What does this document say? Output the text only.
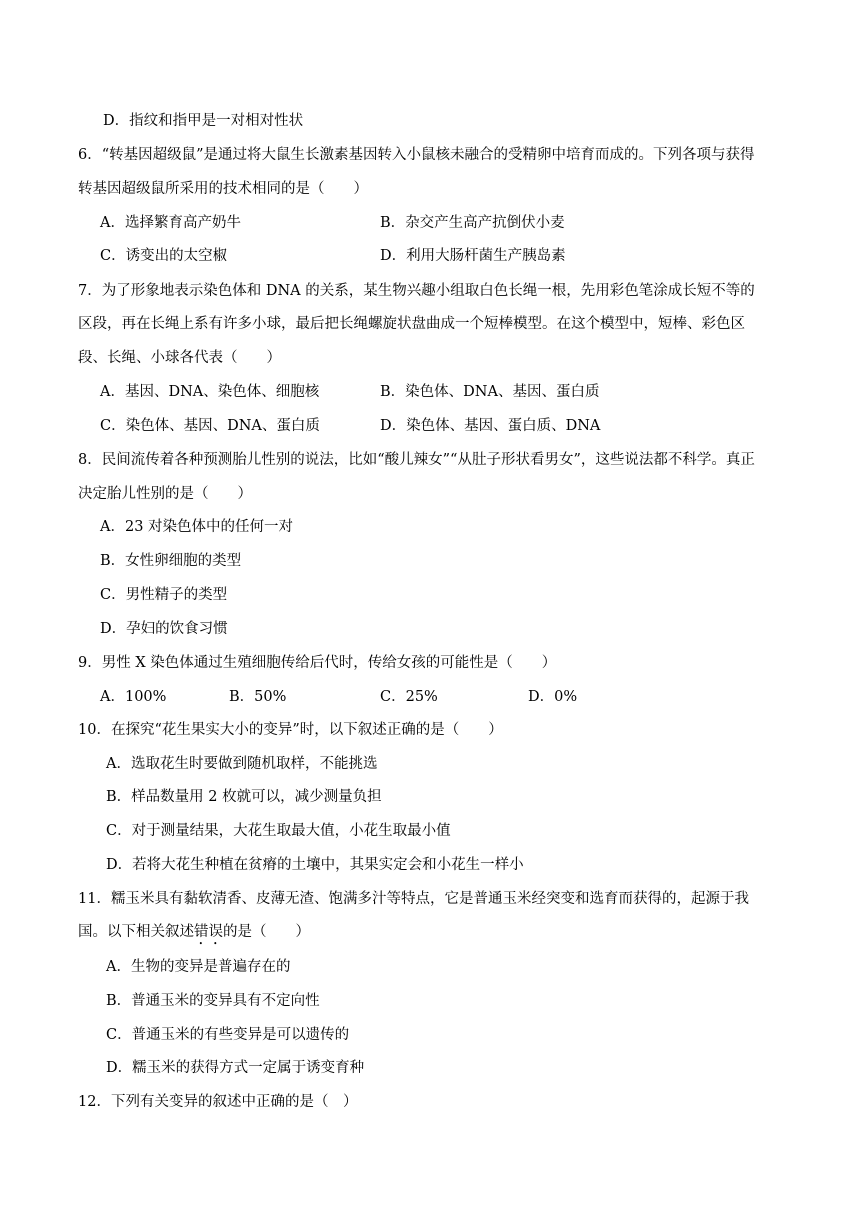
D．指纹和指甲是一对相对性状
6．“转基因超级鼠”是通过将大鼠生长激素基因转入小鼠核未融合的受精卵中培育而成的。下列各项与获得
转基因超级鼠所采用的技术相同的是（　　）
A．选择繁育高产奶牛	B．杂交产生高产抗倒伏小麦
C．诱变出的太空椒	D．利用大肠杆菌生产胰岛素
7．为了形象地表示染色体和 DNA 的关系，某生物兴趣小组取白色长绳一根，先用彩色笔涂成长短不等的
区段，再在长绳上系有许多小球，最后把长绳螺旋状盘曲成一个短棒模型。在这个模型中，短棒、彩色区
段、长绳、小球各代表（　　）
A．基因、DNA、染色体、细胞核	B．染色体、DNA、基因、蛋白质
C．染色体、基因、DNA、蛋白质	D．染色体、基因、蛋白质、DNA
8．民间流传着各种预测胎儿性别的说法，比如“酸儿辣女”“从肚子形状看男女”，这些说法都不科学。真正
决定胎儿性别的是（　　）
A．23 对染色体中的任何一对
B．女性卵细胞的类型
C．男性精子的类型
D．孕妇的饮食习惯
9．男性 X 染色体通过生殖细胞传给后代时，传给女孩的可能性是（　　）
A．100%	B．50%	C．25%	D．0%
10．在探究“花生果实大小的变异”时，以下叙述正确的是（　　）
A．选取花生时要做到随机取样，不能挑选
B．样品数量用 2 枚就可以，减少测量负担
C．对于测量结果，大花生取最大值，小花生取最小值
D．若将大花生种植在贫瘠的土壤中，其果实定会和小花生一样小
11．糯玉米具有黏软清香、皮薄无渣、饱满多汁等特点，它是普通玉米经突变和选育而获得的，起源于我
国。以下相关叙述错误的是（　　）
A．生物的变异是普遍存在的
B．普通玉米的变异具有不定向性
C．普通玉米的有些变异是可以遗传的
D．糯玉米的获得方式一定属于诱变育种
12．下列有关变异的叙述中正确的是（　）
